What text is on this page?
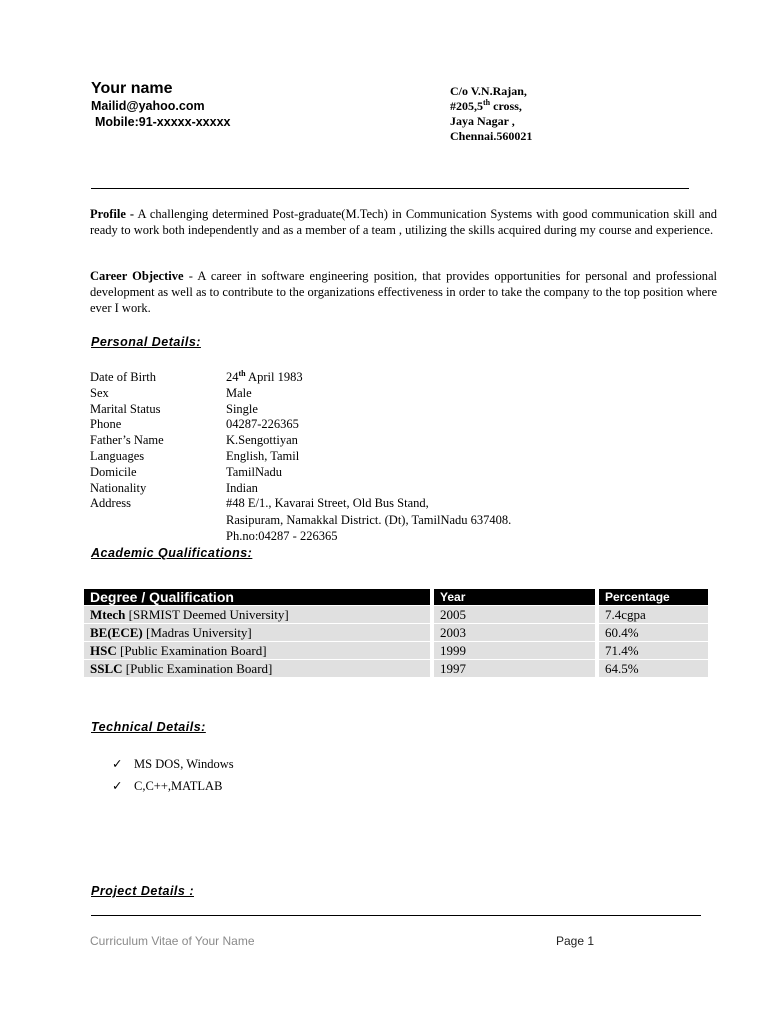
Your name
Mailid@yahoo.com
Mobile:91-xxxxx-xxxxx
C/o V.N.Rajan,
#205,5th cross,
Jaya Nagar ,
Chennai.560021
Profile - A challenging determined Post-graduate(M.Tech) in Communication Systems with good communication skill and ready to work both independently and as a member of a team , utilizing the skills acquired during my course and experience.
Career Objective - A career in software engineering position, that provides opportunities for personal and professional development as well as to contribute to the organizations effectiveness in order to take the company to the top position where ever I work.
Personal Details:
Date of Birth	24th April 1983
Sex	Male
Marital Status	Single
Phone	04287-226365
Father’s Name	K.Sengottiyan
Languages	English, Tamil
Domicile	TamilNadu
Nationality	Indian
Address	#48 E/1., Kavarai Street, Old Bus Stand,
Rasipuram, Namakkal District. (Dt), TamilNadu 637408.
Ph.no:04287 - 226365
Academic Qualifications:
Degree / Qualification	Year	Percentage
Mtech [SRMIST Deemed University]	2005	7.4cgpa
BE(ECE) [Madras University]	2003	60.4%
HSC [Public Examination Board]	1999	71.4%
SSLC [Public Examination Board]	1997	64.5%
Technical Details:
✓ MS DOS, Windows
✓ C,C++,MATLAB
Project Details :
Curriculum Vitae of Your Name	Page 1
